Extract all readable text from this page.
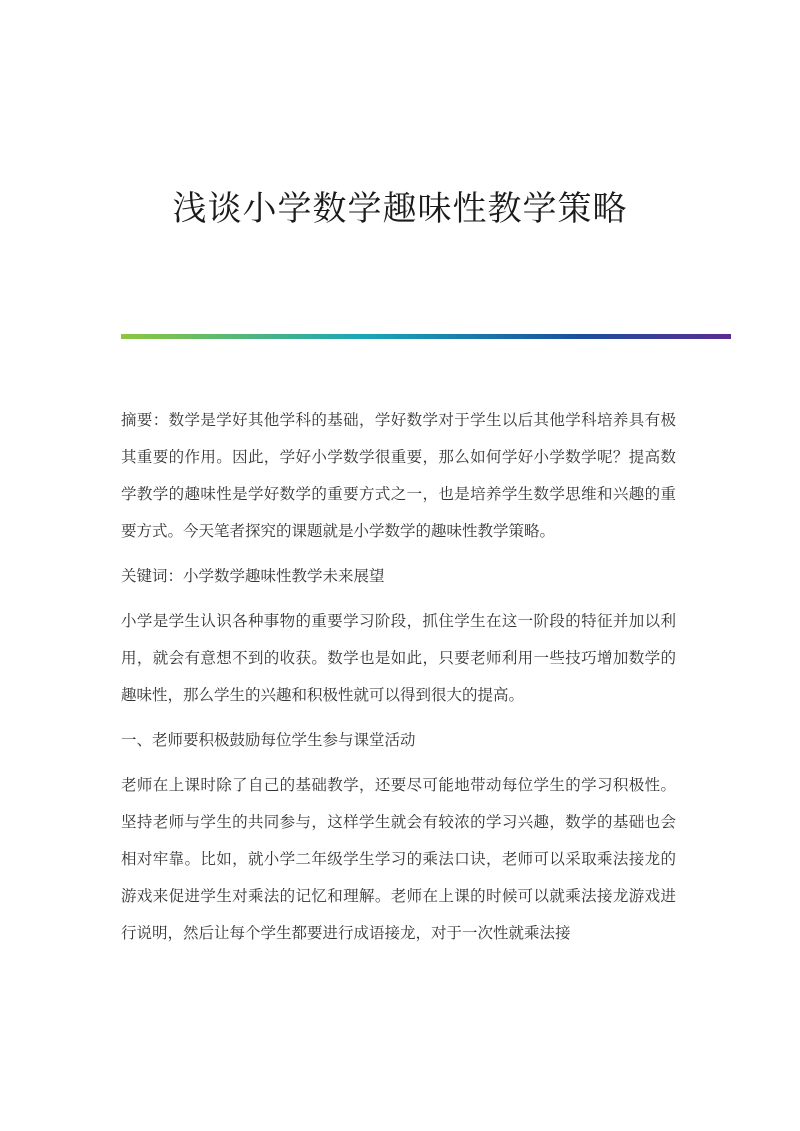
浅谈小学数学趣味性教学策略

摘要：数学是学好其他学科的基础，学好数学对于学生以后其他学科培养具有极其重要的作用。因此，学好小学数学很重要，那么如何学好小学数学呢？提高数学教学的趣味性是学好数学的重要方式之一，也是培养学生数学思维和兴趣的重要方式。今天笔者探究的课题就是小学数学的趣味性教学策略。

关键词：小学数学趣味性教学未来展望

小学是学生认识各种事物的重要学习阶段，抓住学生在这一阶段的特征并加以利用，就会有意想不到的收获。数学也是如此，只要老师利用一些技巧增加数学的趣味性，那么学生的兴趣和积极性就可以得到很大的提高。

一、老师要积极鼓励每位学生参与课堂活动

老师在上课时除了自己的基础教学，还要尽可能地带动每位学生的学习积极性。坚持老师与学生的共同参与，这样学生就会有较浓的学习兴趣，数学的基础也会相对牢靠。比如，就小学二年级学生学习的乘法口诀，老师可以采取乘法接龙的游戏来促进学生对乘法的记忆和理解。老师在上课的时候可以就乘法接龙游戏进行说明，然后让每个学生都要进行成语接龙，对于一次性就乘法接
